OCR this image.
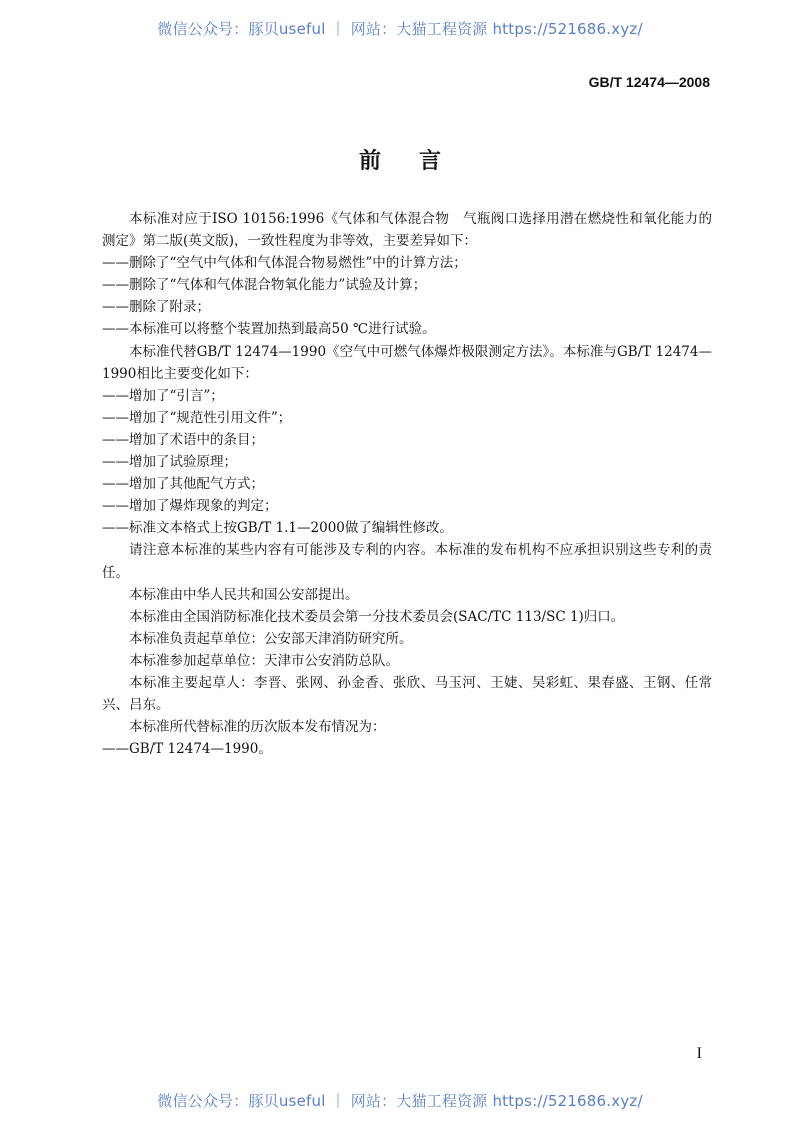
微信公众号：豚贝useful ｜ 网站：大猫工程资源 https://521686.xyz/
GB/T 12474—2008
前言

本标准对应于ISO 10156:1996《气体和气体混合物　气瓶阀口选择用潜在燃烧性和氧化能力的测定》第二版(英文版)，一致性程度为非等效，主要差异如下：

——删除了“空气中气体和气体混合物易燃性”中的计算方法；

——删除了“气体和气体混合物氧化能力”试验及计算；

——删除了附录；

——本标准可以将整个装置加热到最高50 ℃进行试验。

本标准代替GB/T 12474—1990《空气中可燃气体爆炸极限测定方法》。本标准与GB/T 12474—1990相比主要变化如下：

——增加了“引言”；

——增加了“规范性引用文件”；

——增加了术语中的条目；

——增加了试验原理；

——增加了其他配气方式；

——增加了爆炸现象的判定；

——标准文本格式上按GB/T 1.1—2000做了编辑性修改。

请注意本标准的某些内容有可能涉及专利的内容。本标准的发布机构不应承担识别这些专利的责任。

本标准由中华人民共和国公安部提出。

本标准由全国消防标准化技术委员会第一分技术委员会(SAC/TC 113/SC 1)归口。

本标准负责起草单位：公安部天津消防研究所。

本标准参加起草单位：天津市公安消防总队。

本标准主要起草人：李晋、张网、孙金香、张欣、马玉河、王婕、吴彩虹、果春盛、王钢、任常兴、吕东。

本标准所代替标准的历次版本发布情况为：

——GB/T 12474—1990。

I
微信公众号：豚贝useful ｜ 网站：大猫工程资源 https://521686.xyz/
